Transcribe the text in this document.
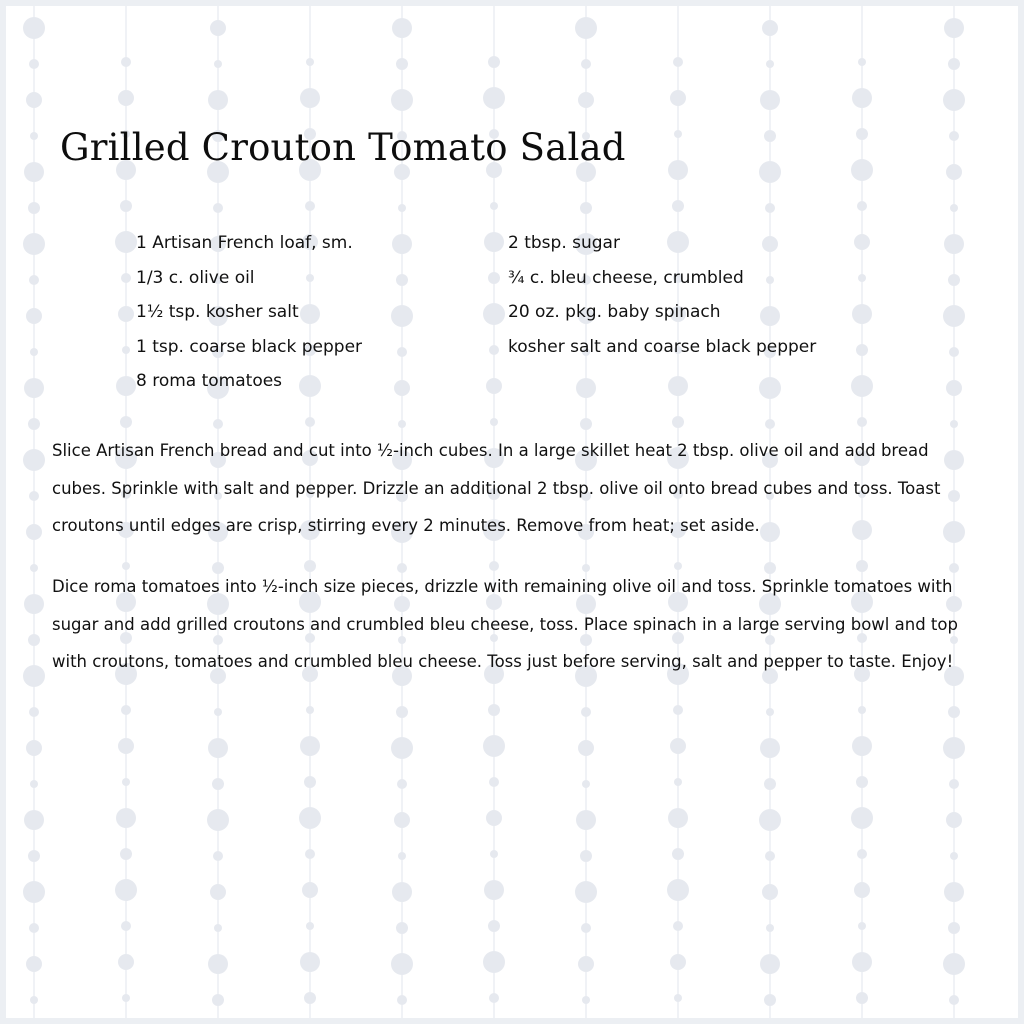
Grilled Crouton Tomato Salad
1 Artisan French loaf, sm.
1/3 c. olive oil
1½ tsp. kosher salt
1 tsp. coarse black pepper
8 roma tomatoes
2 tbsp. sugar
¾ c. bleu cheese, crumbled
20 oz. pkg. baby spinach
kosher salt and coarse black pepper

Slice Artisan French bread and cut into ½-inch cubes. In a large skillet heat 2 tbsp. olive oil and add bread cubes. Sprinkle with salt and pepper. Drizzle an additional 2 tbsp. olive oil onto bread cubes and toss. Toast croutons until edges are crisp, stirring every 2 minutes. Remove from heat; set aside.

Dice roma tomatoes into ½-inch size pieces, drizzle with remaining olive oil and toss. Sprinkle tomatoes with sugar and add grilled croutons and crumbled bleu cheese, toss. Place spinach in a large serving bowl and top with croutons, tomatoes and crumbled bleu cheese. Toss just before serving, salt and pepper to taste. Enjoy!
